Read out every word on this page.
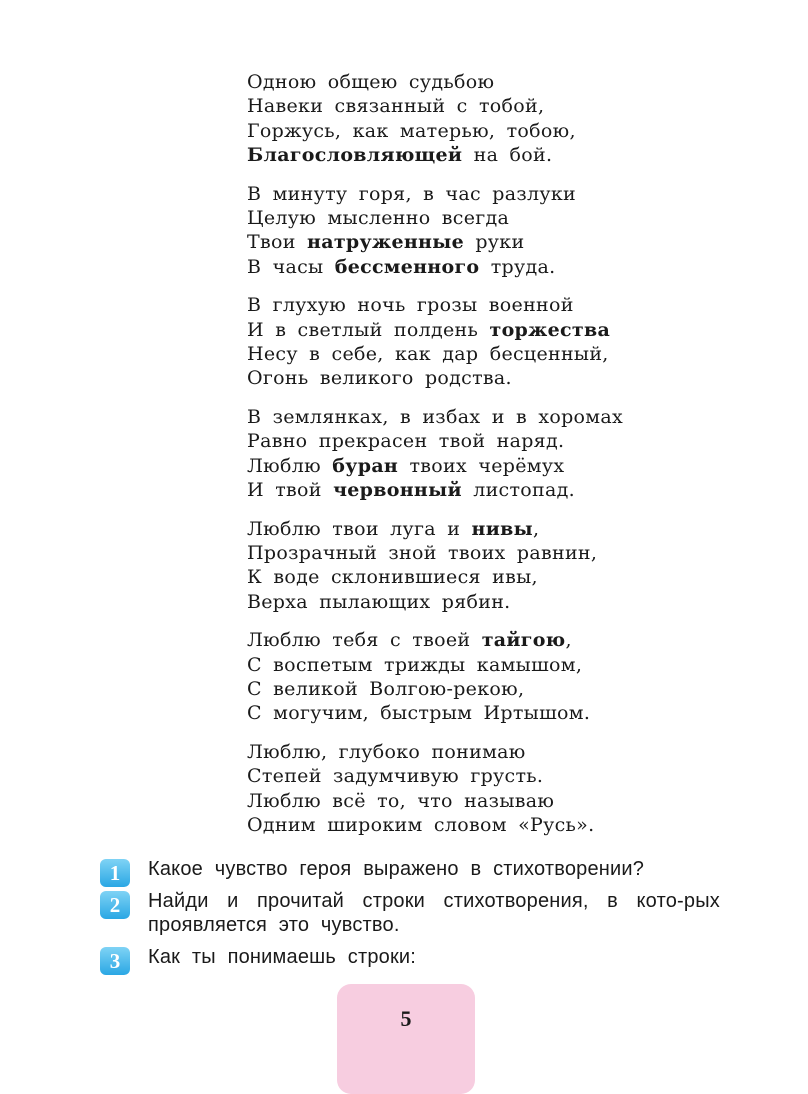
Одною общею судьбою
Навеки связанный с тобой,
Горжусь, как матерью, тобою,
Благословляющей на бой.
В минуту горя, в час разлуки
Целую мысленно всегда
Твои натруженные руки
В часы бессменного труда.
В глухую ночь грозы военной
И в светлый полдень торжества
Несу в себе, как дар бесценный,
Огонь великого родства.
В землянках, в избах и в хоромах
Равно прекрасен твой наряд.
Люблю буран твоих черёмух
И твой червонный листопад.
Люблю твои луга и нивы,
Прозрачный зной твоих равнин,
К воде склонившиеся ивы,
Верха пылающих рябин.
Люблю тебя с твоей тайгою,
С воспетым трижды камышом,
С великой Волгою-рекою,
С могучим, быстрым Иртышом.
Люблю, глубоко понимаю
Степей задумчивую грусть.
Люблю всё то, что называю
Одним широким словом «Русь».
1	Какое чувство героя выражено в стихотворении?
2	Найди и прочитай строки стихотворения, в кото-рых проявляется это чувство.
3	Как ты понимаешь строки:
5
